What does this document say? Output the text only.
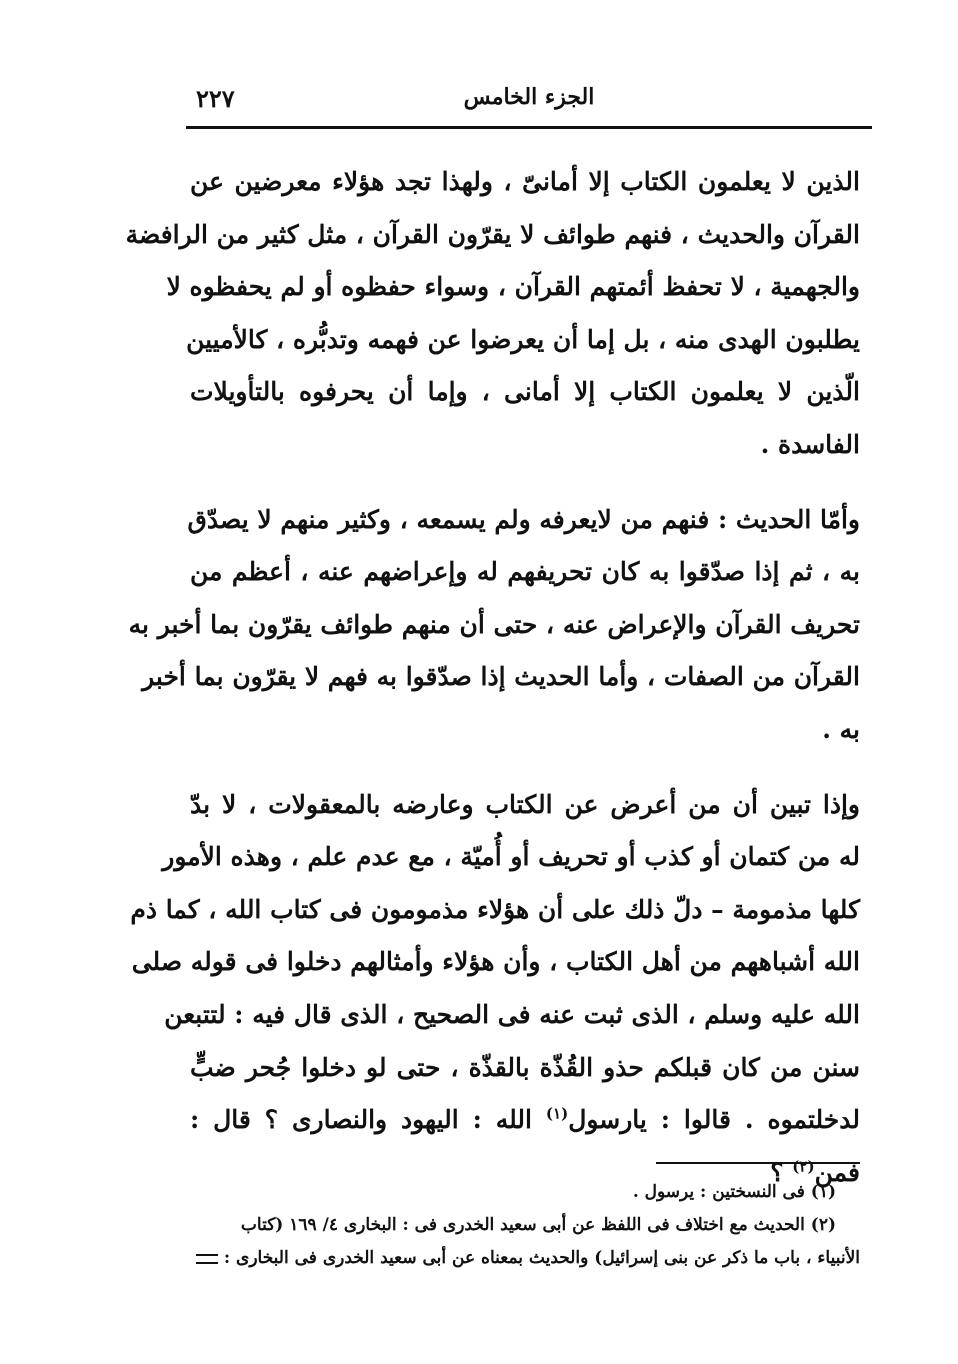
الجزء الخامس
٢٢٧
الذين لا يعلمون الكتاب إلا أمانىّ ، ولهذا تجد هؤلاء معرضين عن
القرآن والحديث ، فنهم طوائف لا يقرّون القرآن ، مثل كثير من الرافضة
والجهمية ، لا تحفظ أئمتهم القرآن ، وسواء حفظوه أو لم يحفظوه لا
يطلبون الهدى منه ، بل إما أن يعرضوا عن فهمه وتدبُّره ، كالأميين
الّذين لا يعلمون الكتاب إلا أمانى ، وإما أن يحرفوه بالتأويلات
الفاسدة .
وأمّا الحديث : فنهم من لايعرفه ولم يسمعه ، وكثير منهم لا يصدّق
به ، ثم إذا صدّقوا به كان تحريفهم له وإعراضهم عنه ، أعظم من
تحريف القرآن والإعراض عنه ، حتى أن منهم طوائف يقرّون بما أخبر به
القرآن من الصفات ، وأما الحديث إذا صدّقوا به فهم لا يقرّون بما أخبر
به .
وإذا تبين أن من أعرض عن الكتاب وعارضه بالمعقولات ، لا بدّ
له من كتمان أو كذب أو تحريف أو أُميّة ، مع عدم علم ، وهذه الأمور
كلها مذمومة – دلّ ذلك على أن هؤلاء مذمومون فى كتاب الله ، كما ذم
الله أشباههم من أهل الكتاب ، وأن هؤلاء وأمثالهم دخلوا فى قوله صلى
الله عليه وسلم ، الذى ثبت عنه فى الصحيح ، الذى قال فيه : لتتبعن
سنن من كان قبلكم حذو القُذّة بالقذّة ، حتى لو دخلوا جُحر ضبٍّ
لدخلتموه . قالوا : يارسول$^{(١)}$ الله : اليهود والنصارى ؟ قال :
فمن$^{(٢)}$ ؟

(١) فى النسختين : يرسول .

(٢) الحديث مع اختلاف فى اللفظ عن أبى سعيد الخدرى فى : البخارى ٤/ ١٦٩ (كتاب

الأنبياء ، باب ما ذكر عن بنى إسرائيل) والحديث بمعناه عن أبى سعيد الخدرى فى البخارى :
